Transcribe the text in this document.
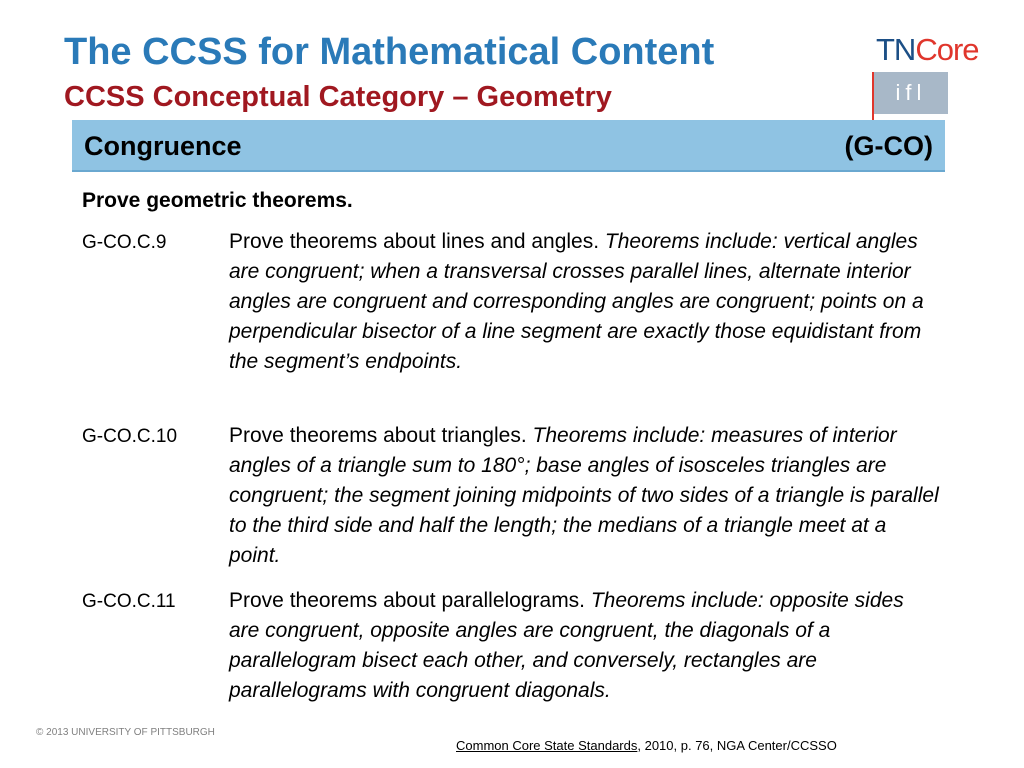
The CCSS for Mathematical Content
CCSS Conceptual Category – Geometry
TNCore
ifl
Congruence	(G-CO)
Prove geometric theorems.
G-CO.C.9	Prove theorems about lines and angles. Theorems include: vertical angles are congruent; when a transversal crosses parallel lines, alternate interior angles are congruent and corresponding angles are congruent; points on a perpendicular bisector of a line segment are exactly those equidistant from the segment’s endpoints.
G-CO.C.10 Prove theorems about triangles. Theorems include: measures of interior angles of a triangle sum to 180°; base angles of isosceles triangles are congruent; the segment joining midpoints of two sides of a triangle is parallel to the third side and half the length; the medians of a triangle meet at a point.
G-CO.C.11	Prove theorems about parallelograms. Theorems include: opposite sides are congruent, opposite angles are congruent, the diagonals of a parallelogram bisect each other, and conversely, rectangles are parallelograms with congruent diagonals.
© 2013 UNIVERSITY OF PITTSBURGH
Common Core State Standards, 2010, p. 76, NGA Center/CCSSO
